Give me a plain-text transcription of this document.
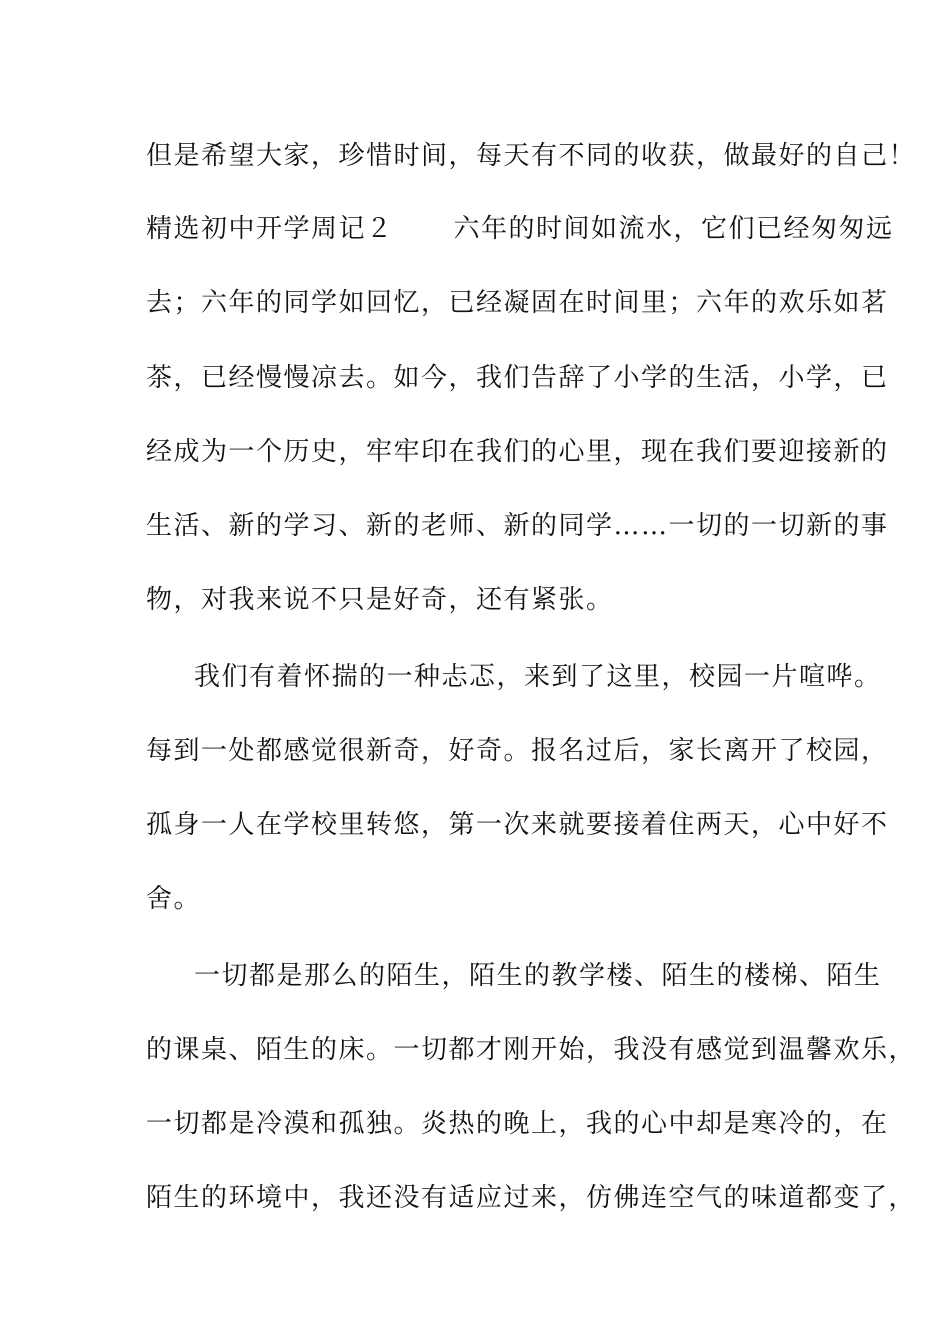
但是希望大家，珍惜时间，每天有不同的收获，做最好的自己！
精选初中开学周记２ 六年的时间如流水，它们已经匆匆远
去；六年的同学如回忆，已经凝固在时间里；六年的欢乐如茗
茶，已经慢慢凉去。如今，我们告辞了小学的生活，小学，已
经成为一个历史，牢牢印在我们的心里，现在我们要迎接新的
生活、新的学习、新的老师、新的同学……一切的一切新的事
物，对我来说不只是好奇，还有紧张。
我们有着怀揣的一种忐忑，来到了这里，校园一片喧哗。
每到一处都感觉很新奇，好奇。报名过后，家长离开了校园，
孤身一人在学校里转悠，第一次来就要接着住两天，心中好不
舍。
一切都是那么的陌生，陌生的教学楼、陌生的楼梯、陌生
的课桌、陌生的床。一切都才刚开始，我没有感觉到温馨欢乐，
一切都是冷漠和孤独。炎热的晚上，我的心中却是寒冷的，在
陌生的环境中，我还没有适应过来，仿佛连空气的味道都变了，
